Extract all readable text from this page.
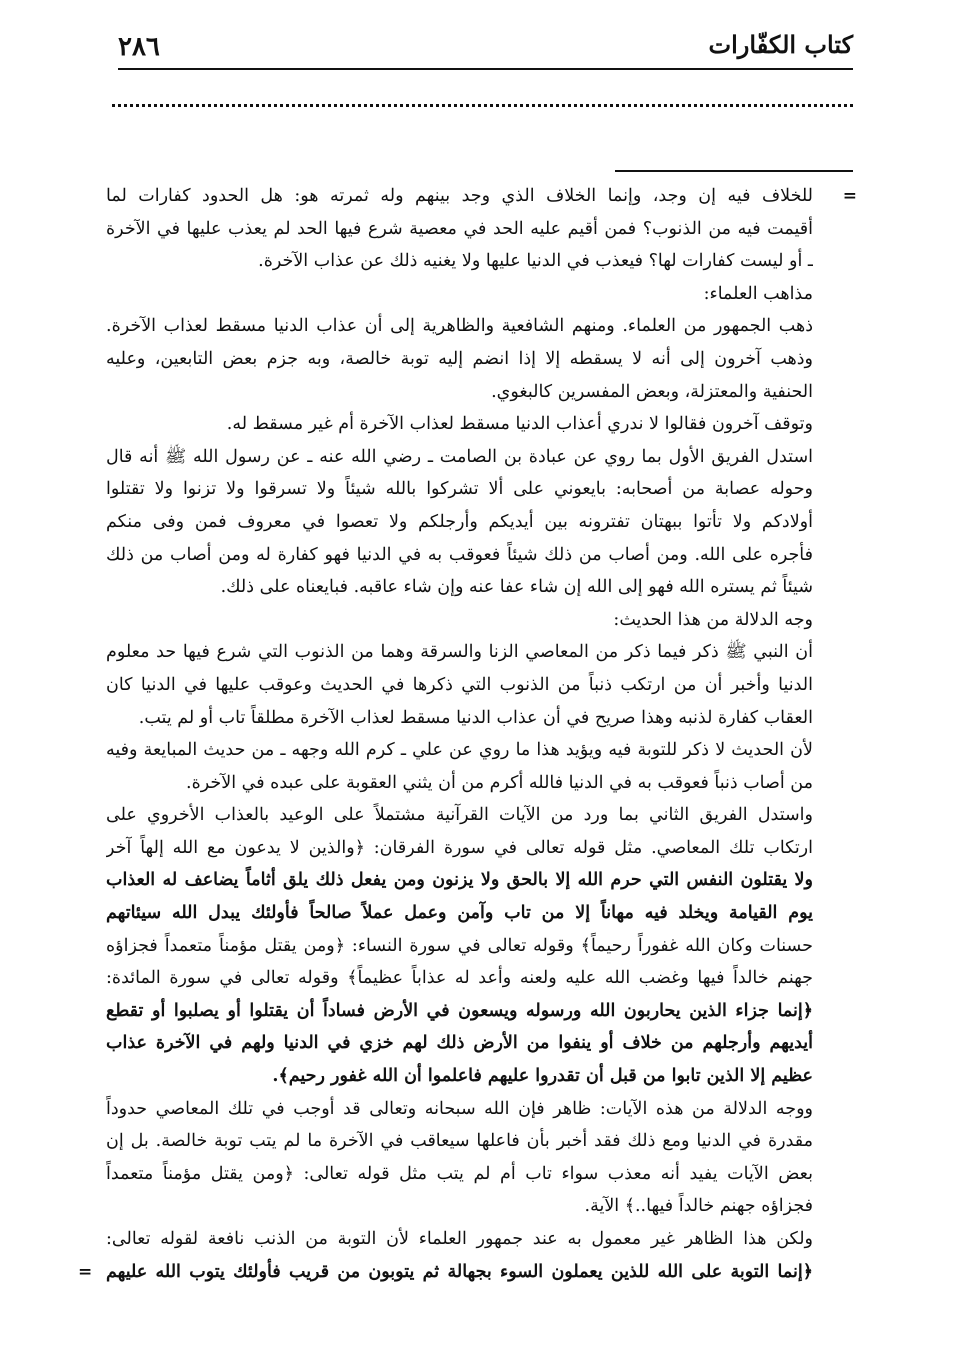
٢٨٦	كتاب الكفّارات
=
للخلاف فيه إن وجد، وإنما الخلاف الذي وجد بينهم وله ثمرته هو: هل الحدود كفارات لما
أقيمت فيه من الذنوب؟ فمن أقيم عليه الحد في معصية شرع فيها الحد لم يعذب عليها في الآخرة
ـ أو ليست كفارات لها؟ فيعذب في الدنيا عليها ولا يغنيه ذلك عن عذاب الآخرة.
مذاهب العلماء:
ذهب الجمهور من العلماء. ومنهم الشافعية والظاهرية إلى أن عذاب الدنيا مسقط لعذاب الآخرة.
وذهب آخرون إلى أنه لا يسقطه إلا إذا انضم إليه توبة خالصة، وبه جزم بعض التابعين، وعليه
الحنفية والمعتزلة، وبعض المفسرين كالبغوي.
وتوقف آخرون فقالوا لا ندري أعذاب الدنيا مسقط لعذاب الآخرة أم غير مسقط له.
استدل الفريق الأول بما روي عن عبادة بن الصامت ـ رضي الله عنه ـ عن رسول الله ﷺ أنه قال
وحوله عصابة من أصحابه: بايعوني على ألا تشركوا بالله شيئاً ولا تسرقوا ولا تزنوا ولا تقتلوا
أولادكم ولا تأتوا ببهتان تفترونه بين أيديكم وأرجلكم ولا تعصوا في معروف فمن وفى منكم
فأجره على الله. ومن أصاب من ذلك شيئاً فعوقب به في الدنيا فهو كفارة له ومن أصاب من ذلك
شيئاً ثم يستره الله فهو إلى الله إن شاء عفا عنه وإن شاء عاقبه. فبايعناه على ذلك.
وجه الدلالة من هذا الحديث:
أن النبي ﷺ ذكر فيما ذكر من المعاصي الزنا والسرقة وهما من الذنوب التي شرع فيها حد معلوم
الدنيا وأخبر أن من ارتكب ذنباً من الذنوب التي ذكرها في الحديث وعوقب عليها في الدنيا كان
العقاب كفارة لذنبه وهذا صريح في أن عذاب الدنيا مسقط لعذاب الآخرة مطلقاً تاب أو لم يتب.
لأن الحديث لا ذكر للتوبة فيه ويؤيد هذا ما روي عن علي ـ كرم الله وجهه ـ من حديث المبايعة وفيه
من أصاب ذنباً فعوقب به في الدنيا فالله أكرم من أن يثني العقوبة على عبده في الآخرة.
واستدل الفريق الثاني بما ورد من الآيات القرآنية مشتملاً على الوعيد بالعذاب الأخروي على
ارتكاب تلك المعاصي. مثل قوله تعالى في سورة الفرقان: ﴿والذين لا يدعون مع الله إلهاً آخر
ولا يقتلون النفس التي حرم الله إلا بالحق ولا يزنون ومن يفعل ذلك يلق أثاماً يضاعف له العذاب
يوم القيامة ويخلد فيه مهاناً إلا من تاب وآمن وعمل عملاً صالحاً فأولئك يبدل الله سيئاتهم
حسنات وكان الله غفوراً رحيماً﴾ وقوله تعالى في سورة النساء: ﴿ومن يقتل مؤمناً متعمداً فجزاؤه
جهنم خالداً فيها وغضب الله عليه ولعنه وأعد له عذاباً عظيماً﴾ وقوله تعالى في سورة المائدة:
﴿إنما جزاء الذين يحاربون الله ورسوله ويسعون في الأرض فساداً أن يقتلوا أو يصلبوا أو تقطع
أيديهم وأرجلهم من خلاف أو ينفوا من الأرض ذلك لهم خزي في الدنيا ولهم في الآخرة عذاب
عظيم إلا الذين تابوا من قبل أن تقدروا عليهم فاعلموا أن الله غفور رحيم﴾.
ووجه الدلالة من هذه الآيات: ظاهر فإن الله سبحانه وتعالى قد أوجب في تلك المعاصي حدوداً
مقدرة في الدنيا ومع ذلك فقد أخبر بأن فاعلها سيعاقب في الآخرة ما لم يتب توبة خالصة. بل إن
بعض الآيات يفيد أنه معذب سواء تاب أم لم يتب مثل قوله تعالى: ﴿ومن يقتل مؤمناً متعمداً
فجزاؤه جهنم خالداً فيها..﴾ الآية.
ولكن هذا الظاهر غير معمول به عند جمهور العلماء لأن التوبة من الذنب نافعة لقوله تعالى:
﴿إنما التوبة على الله للذين يعملون السوء بجهالة ثم يتوبون من قريب فأولئك يتوب الله عليهم
=
